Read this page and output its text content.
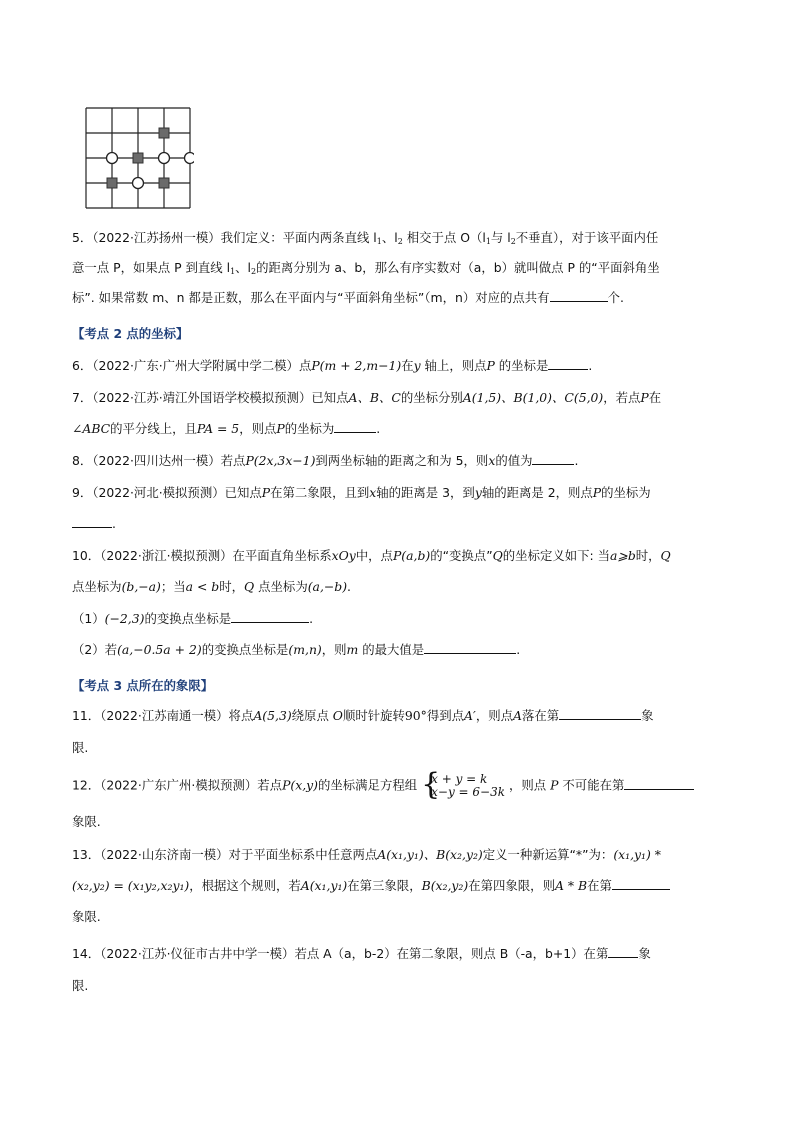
5．（2022·江苏扬州一模）我们定义：平面内两条直线 $l_1$、$l_2$ 相交于点 $O(l_1$与 $l_2$不垂直），对于该平面内任
意一点 P，如果点 P 到直线 $l_1$、$l_2$的距离分别为 a、b，那么有序实数对（a，b）就叫做点 P 的“平面斜角坐
标”. 如果常数 m、n 都是正数，那么在平面内与“平面斜角坐标”（m，n）对应的点共有	个.
【考点 2 点的坐标】
6．（2022·广东·广州大学附属中学二模）点P(m + 2,m−1)在y 轴上，则点P 的坐标是	.
7．（2022·江苏·靖江外国语学校模拟预测）已知点A、B、C的坐标分别A(1,5)、B(1,0)、C(5,0)，若点P在
∠ABC的平分线上，且PA = 5，则点P的坐标为	.
8．（2022·四川达州一模）若点P(2x,3x−1)到两坐标轴的距离之和为 5，则x的值为	.
9．（2022·河北·模拟预测）已知点P在第二象限，且到x轴的距离是 3，到y轴的距离是 2，则点P的坐标为
.
10．（2022·浙江·模拟预测）在平面直角坐标系xOy中，点P(a,b)的“变换点”Q的坐标定义如下: 当a⩾b时，Q
点坐标为(b,−a)；当a < b时，Q 点坐标为(a,−b).
（1）(−2,3)的变换点坐标是	.
（2）若(a,−0.5a + 2)的变换点坐标是(m,n)，则m 的最大值是	.
【考点 3 点所在的象限】
11．（2022·江苏南通一模）将点A(5,3)绕原点 O顺时针旋转90°得到点A′，则点A落在第	象
限.
12．（2022·广东广州·模拟预测）若点P(x,y)的坐标满足方程组 {
x + y = k
x−y = 6−3k ，则点 P 不可能在第
象限.
13．（2022·山东济南一模）对于平面坐标系中任意两点A(x₁,y₁)、B(x₂,y₂)定义一种新运算“*”为：(x₁,y₁) *
(x₂,y₂) = (x₁y₂,x₂y₁)，根据这个规则，若A(x₁,y₁)在第三象限，B(x₂,y₂)在第四象限，则A * B在第
象限.
14．（2022·江苏·仪征市古井中学一模）若点 A（a，b-2）在第二象限，则点 B（-a，b+1）在第 象
限.
